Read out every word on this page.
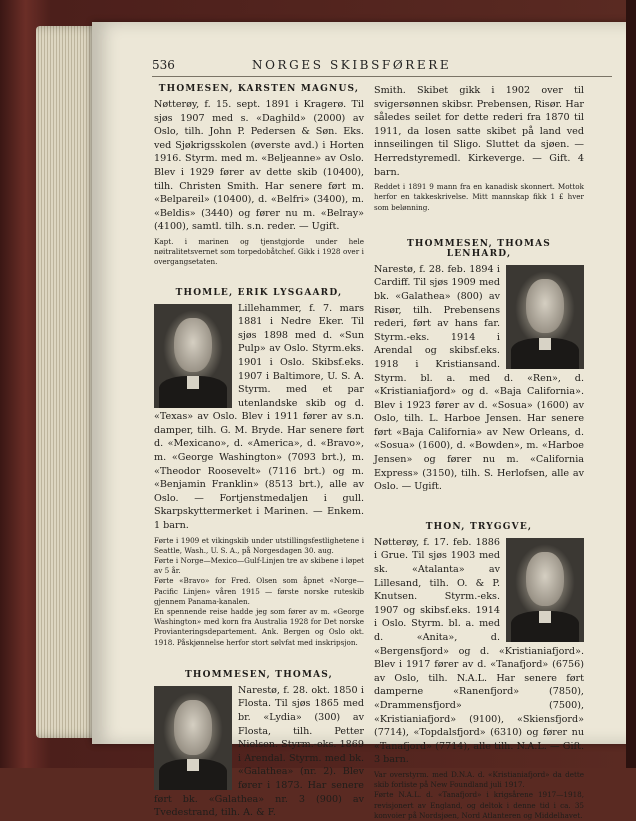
536	NORGES SKIBSFØRERE
THOMESEN, KARSTEN MAGNUS,

Nøtterøy, f. 15. sept. 1891 i Kragerø. Til sjøs 1907 med s. «Daghild» (2000) av Oslo, tilh. John P. Pedersen & Søn. Eks. ved Sjøkrigsskolen (øverste avd.) i Horten 1916. Styrm. med m. «Beljeanne» av Oslo. Blev i 1929 fører av dette skib (10400), tilh. Christen Smith. Har senere ført m. «Belpareil» (10400), d. «Belfri» (3400), m. «Beldis» (3440) og fører nu m. «Belray» (4100), samtl. tilh. s.n. reder. — Ugift.

Kapt. i marinen og tjenstgjorde under hele nøitralitetsvernet som torpedobåtchef. Gikk i 1928 over i overgangsetaten.

THOMLE, ERIK LYSGAARD,

Lillehammer, f. 7. mars 1881 i Nedre Eker. Til sjøs 1898 med d. «Sun Pulp» av Oslo. Styrm.eks. 1901 i Oslo. Skibsf.eks. 1907 i Baltimore, U. S. A. Styrm. med et par utenlandske skib og d. «Texas» av Oslo. Blev i 1911 fører av s.n. damper, tilh. G. M. Bryde. Har senere ført d. «Mexicano», d. «America», d. «Bravo», m. «George Washington» (7093 brt.), m. «Theodor Roosevelt» (7116 brt.) og m. «Benjamin Franklin» (8513 brt.), alle av Oslo. — Fortjenstmedaljen i gull. Skarpskyttermerket i Marinen. — Enkem. 1 barn.

Førte i 1909 et vikingskib under utstillingsfestlighetene i Seattle, Wash., U. S. A., på Norgesdagen 30. aug.

Førte i Norge—Mexico—Gulf-Linjen tre av skibene i løpet av 5 år.

Førte «Bravo» for Fred. Olsen som åpnet «Norge—Pacific Linjen» våren 1915 — første norske ruteskib gjennem Panama-kanalen.

En spennende reise hadde jeg som fører av m. «George Washington» med korn fra Australia 1928 for Det norske Provianteringsdepartement. Ank. Bergen og Oslo okt. 1918. Påskjønnelse herfor stort sølvfat med inskripsjon.

THOMMESEN, THOMAS,

Narestø, f. 28. okt. 1850 i Flosta. Til sjøs 1865 med br. «Lydia» (300) av Flosta, tilh. Petter Nielsen. Styrm.-eks. 1869 i Arendal. Styrm. med bk. «Galathea» (nr. 2). Blev fører i 1873. Har senere ført bk. «Galathea» nr. 3 (900) av Tvedestrand, tilh. A. & F.

Smith. Skibet gikk i 1902 over til svigersønnen skibsr. Prebensen, Risør. Har således seilet for dette rederi fra 1870 til 1911, da losen satte skibet på land ved innseilingen til Sligo. Sluttet da sjøen. — Herredstyremedl. Kirkeverge. — Gift. 4 barn.

Reddet i 1891 9 mann fra en kanadisk skonnert. Mottok herfor en takkeskrivelse. Mitt mannskap fikk 1 £ hver som belønning.

THOMMESEN, THOMAS LENHARD,

Narestø, f. 28. feb. 1894 i Cardiff. Til sjøs 1909 med bk. «Galathea» (800) av Risør, tilh. Prebensens rederi, ført av hans far. Styrm.-eks. 1914 i Arendal og skibsf.eks. 1918 i Kristiansand. Styrm. bl. a. med d. «Ren», d. «Kristianiafjord» og d. «Baja California». Blev i 1923 fører av d. «Sosua» (1600) av Oslo, tilh. L. Harboe Jensen. Har senere ført «Baja California» av New Orleans, d. «Sosua» (1600), d. «Bowden», m. «Harboe Jensen» og fører nu m. «California Express» (3150), tilh. S. Herlofsen, alle av Oslo. — Ugift.

THON, TRYGGVE,

Nøtterøy, f. 17. feb. 1886 i Grue. Til sjøs 1903 med sk. «Atalanta» av Lillesand, tilh. O. & P. Knutsen. Styrm.-eks. 1907 og skibsf.eks. 1914 i Oslo. Styrm. bl. a. med d. «Anita», d. «Bergensfjord» og d. «Kristianiafjord». Blev i 1917 fører av d. «Tanafjord» (6756) av Oslo, tilh. N.A.L. Har senere ført damperne «Ranenfjord» (7850), «Drammensfjord» (7500), «Kristianiafjord» (9100), «Skiensfjord» (7714), «Topdalsfjord» (6310) og fører nu «Tanafjord» (7714), alle tilh. N.A.L. — Gift. 3 barn.

Var overstyrm. med D.N.A. d. «Kristianiafjord» da dette skib forliste på New Foundland juli 1917.

Førte N.A.L. d. «Tanafjord» i krigsårene 1917—1918, revisjonert av England, og deltok i denne tid i ca. 35 konvoier på Nordsjøen, Nord Atlanteren og Middelhavet.
